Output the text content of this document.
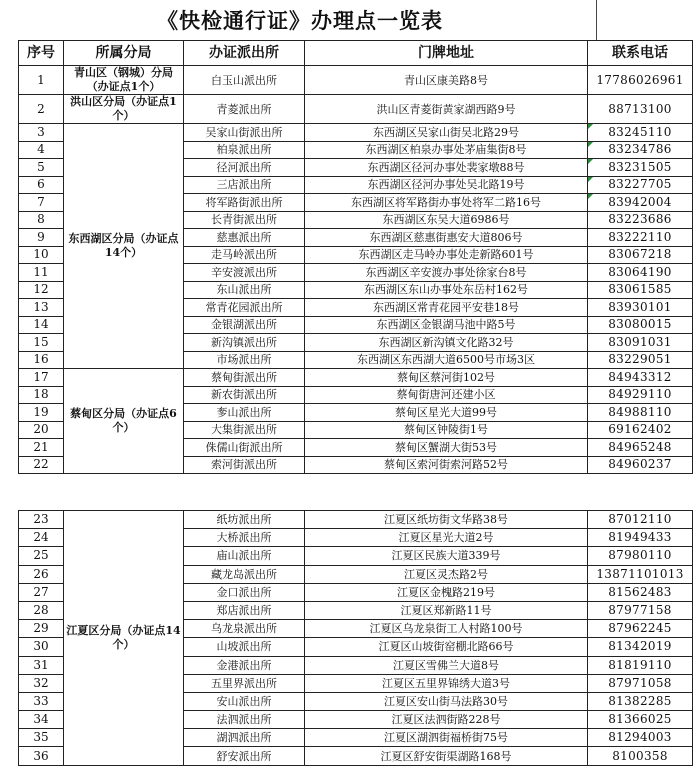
《快检通行证》办理点一览表
序号	所属分局	办证派出所	门牌地址	联系电话
1	青山区（钢城）分局（办证点1个）	白玉山派出所	青山区康美路8号	17786026961
2	洪山区分局（办证点1个）	青菱派出所	洪山区青菱街黄家湖西路9号	88713100
3	东西湖区分局（办证点14个）	吴家山街派出所	东西湖区吴家山街吴北路29号	83245110

4		柏泉派出所	东西湖区柏泉办事处茅庙集街8号	83234786

5		径河派出所	东西湖区径河办事处裴家墩88号	83231505

6		三店派出所	东西湖区径河办事处吴北路19号	83227705

7		将军路街派出所	东西湖区将军路街办事处将军二路16号	83942004

8		长青街派出所	东西湖区东吴大道6986号	83223686
9		慈惠派出所	东西湖区慈惠街惠安大道806号	83222110
10		走马岭派出所	东西湖区走马岭办事处走新路601号	83067218
11		辛安渡派出所	东西湖区辛安渡办事处徐家台8号	83064190
12		东山派出所	东西湖区东山办事处东岳村162号	83061585
13		常青花园派出所	东西湖区常青花园平安巷18号	83930101
14		金银湖派出所	东西湖区金银湖马池中路5号	83080015
15		新沟镇派出所	东西湖区新沟镇文化路32号	83091031
16		市场派出所	东西湖区东西湖大道6500号市场3区	83229051
17	蔡甸区分局（办证点6个）	蔡甸街派出所	蔡甸区蔡河街102号	84943312
18		新农街派出所	蔡甸街唐河还建小区	84929110
19		奓山派出所	蔡甸区星光大道99号	84988110
20		大集街派出所	蔡甸区钟陵街1号	69162402
21		侏儒山街派出所	蔡甸区蟹湖大街53号	84965248
22		索河街派出所	蔡甸区索河街索河路52号	84960237
23	江夏区分局（办证点14个）	纸坊派出所	江夏区纸坊街文华路38号	87012110
24		大桥派出所	江夏区星光大道2号	81949433
25		庙山派出所	江夏区民族大道339号	87980110
26		藏龙岛派出所	江夏区灵杰路2号	13871101013
27		金口派出所	江夏区金槐路219号	81562483
28		郑店派出所	江夏区郑新路11号	87977158
29		乌龙泉派出所	江夏区乌龙泉街工人村路100号	87962245
30		山坡派出所	江夏区山坡街窑棚北路66号	81342019
31		金港派出所	江夏区雪佛兰大道8号	81819110
32		五里界派出所	江夏区五里界锦绣大道3号	87971058
33		安山派出所	江夏区安山街马法路30号	81382285
34		法泗派出所	江夏区法泗街路228号	81366025
35		湖泗派出所	江夏区湖泗街福桥街75号	81294003
36		舒安派出所	江夏区舒安街渠湖路168号	8100358
